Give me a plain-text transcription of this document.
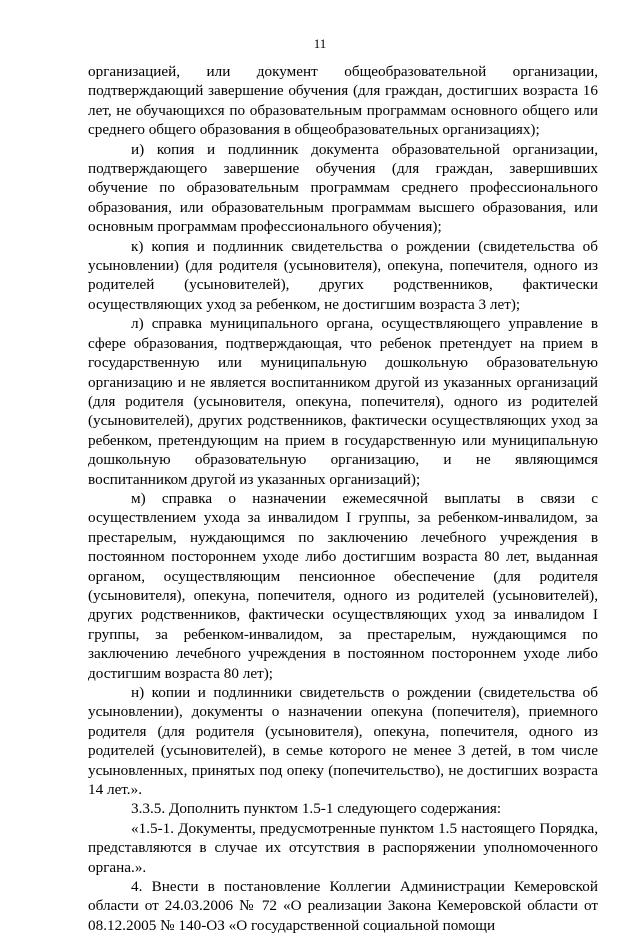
11

организацией, или документ общеобразовательной организации, подтверждающий завершение обучения (для граждан, достигших возраста 16 лет, не обучающихся по образовательным программам основного общего или среднего общего образования в общеобразовательных организациях);

и) копия и подлинник документа образовательной организации, подтверждающего завершение обучения (для граждан, завершивших обучение по образовательным программам среднего профессионального образования, или образовательным программам высшего образования, или основным программам профессионального обучения);

к) копия и подлинник свидетельства о рождении (свидетельства об усыновлении) (для родителя (усыновителя), опекуна, попечителя, одного из родителей (усыновителей), других родственников, фактически осуществляющих уход за ребенком, не достигшим возраста 3 лет);

л) справка муниципального органа, осуществляющего управление в сфере образования, подтверждающая, что ребенок претендует на прием в государственную или муниципальную дошкольную образовательную организацию и не является воспитанником другой из указанных организаций (для родителя (усыновителя, опекуна, попечителя), одного из родителей (усыновителей), других родственников, фактически осуществляющих уход за ребенком, претендующим на прием в государственную или муниципальную дошкольную образовательную организацию, и не являющимся воспитанником другой из указанных организаций);

м) справка о назначении ежемесячной выплаты в связи с осуществлением ухода за инвалидом I группы, за ребенком-инвалидом, за престарелым, нуждающимся по заключению лечебного учреждения в постоянном постороннем уходе либо достигшим возраста 80 лет, выданная органом, осуществляющим пенсионное обеспечение (для родителя (усыновителя), опекуна, попечителя, одного из родителей (усыновителей), других родственников, фактически осуществляющих уход за инвалидом I группы, за ребенком-инвалидом, за престарелым, нуждающимся по заключению лечебного учреждения в постоянном постороннем уходе либо достигшим возраста 80 лет);

н) копии и подлинники свидетельств о рождении (свидетельства об усыновлении), документы о назначении опекуна (попечителя), приемного родителя (для родителя (усыновителя), опекуна, попечителя, одного из родителей (усыновителей), в семье которого не менее 3 детей, в том числе усыновленных, принятых под опеку (попечительство), не достигших возраста 14 лет.».

3.3.5. Дополнить пунктом 1.5-1 следующего содержания:

«1.5-1. Документы, предусмотренные пунктом 1.5 настоящего Порядка, представляются в случае их отсутствия в распоряжении уполномоченного органа.».

4. Внести в постановление Коллегии Администрации Кемеровской области от 24.03.2006 № 72 «О реализации Закона Кемеровской области от 08.12.2005 № 140-ОЗ «О государственной социальной помощи
